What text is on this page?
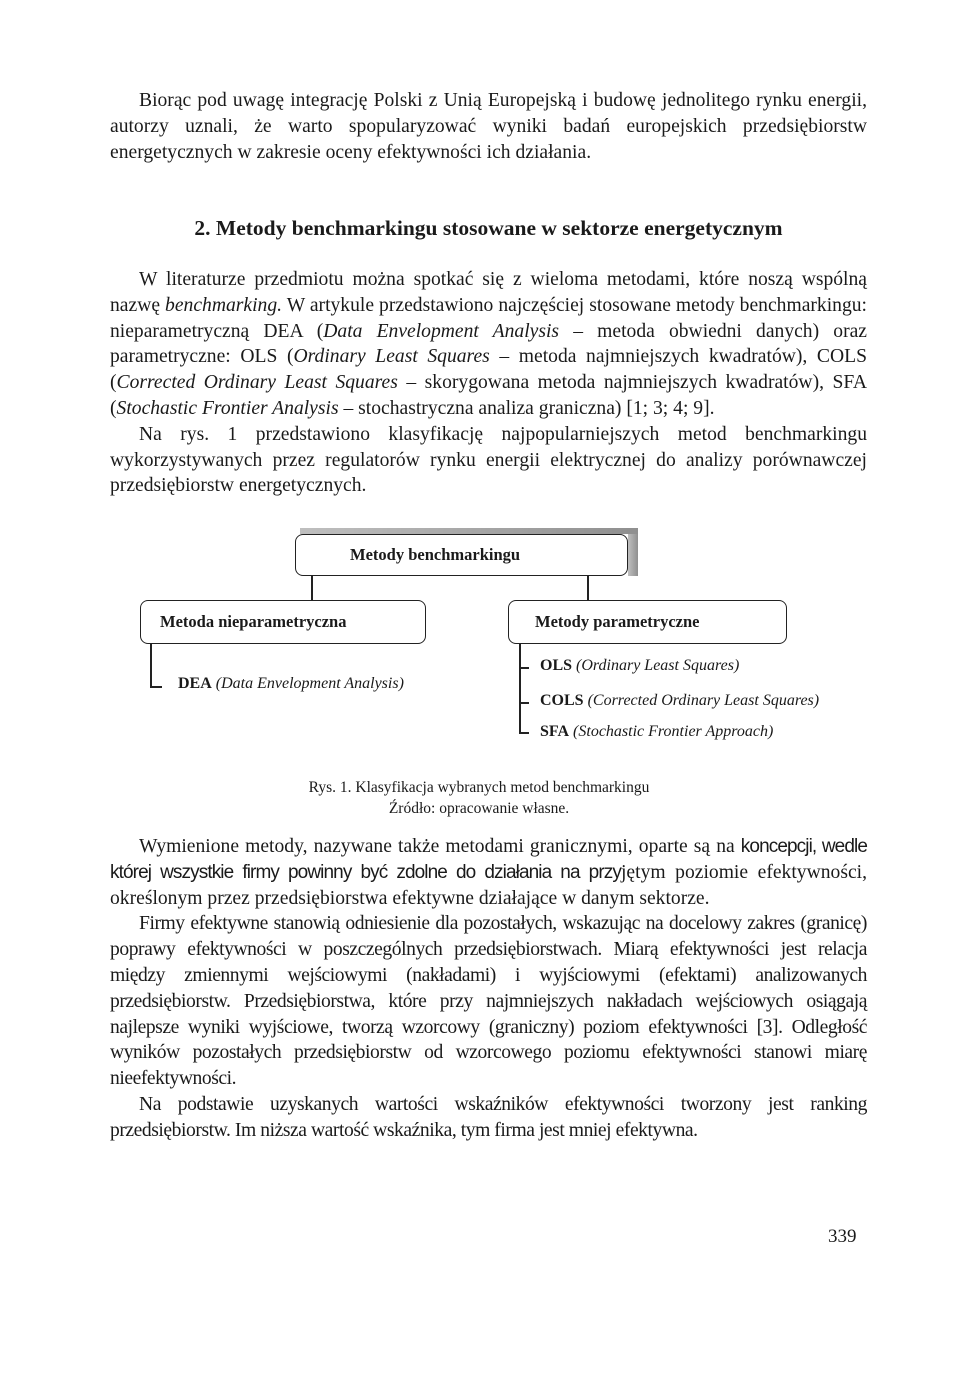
Biorąc pod uwagę integrację Polski z Unią Europejską i budowę jednolitego rynku energii, autorzy uznali, że warto spopularyzować wyniki badań europejskich przedsiębiorstw energetycznych w zakresie oceny efektywności ich działania.

2. Metody benchmarkingu stosowane w sektorze energetycznym

W literaturze przedmiotu można spotkać się z wieloma metodami, które noszą wspólną nazwę benchmarking. W artykule przedstawiono najczęściej stosowane metody benchmarkingu: nieparametryczną DEA (Data Envelopment Analysis – metoda obwiedni danych) oraz parametryczne: OLS (Ordinary Least Squares – metoda najmniejszych kwadratów), COLS (Corrected Ordinary Least Squares – skorygowana metoda najmniejszych kwadratów), SFA (Stochastic Frontier Analysis – stochastryczna analiza graniczna) [1; 3; 4; 9].

Na rys. 1 przedstawiono klasyfikację najpopularniejszych metod benchmarkingu wykorzystywanych przez regulatorów rynku energii elektrycznej do analizy porównawczej przedsiębiorstw energetycznych.

Metody benchmarkingu
Metoda nieparametryczna	Metody parametryczne
DEA (Data Envelopment Analysis)
OLS (Ordinary Least Squares)
COLS (Corrected Ordinary Least Squares)
SFA (Stochastic Frontier Approach)

Rys. 1. Klasyfikacja wybranych metod benchmarkingu

Źródło: opracowanie własne.

Wymienione metody, nazywane także metodami granicznymi, oparte są na koncepcji, wedle której wszystkie firmy powinny być zdolne do działania na przyjętym poziomie efektywności, określonym przez przedsiębiorstwa efektywne działające w danym sektorze.

Firmy efektywne stanowią odniesienie dla pozostałych, wskazując na docelowy zakres (granicę) poprawy efektywności w poszczególnych przedsiębiorstwach. Miarą efektywności jest relacja między zmiennymi wejściowymi (nakładami) i wyjściowymi (efektami) analizowanych przedsiębiorstw. Przedsiębiorstwa, które przy najmniejszych nakładach wejściowych osiągają najlepsze wyniki wyjściowe, tworzą wzorcowy (graniczny) poziom efektywności [3]. Odległość wyników pozostałych przedsiębiorstw od wzorcowego poziomu efektywności stanowi miarę nieefektywności.

Na podstawie uzyskanych wartości wskaźników efektywności tworzony jest ranking przedsiębiorstw. Im niższa wartość wskaźnika, tym firma jest mniej efektywna.

339
